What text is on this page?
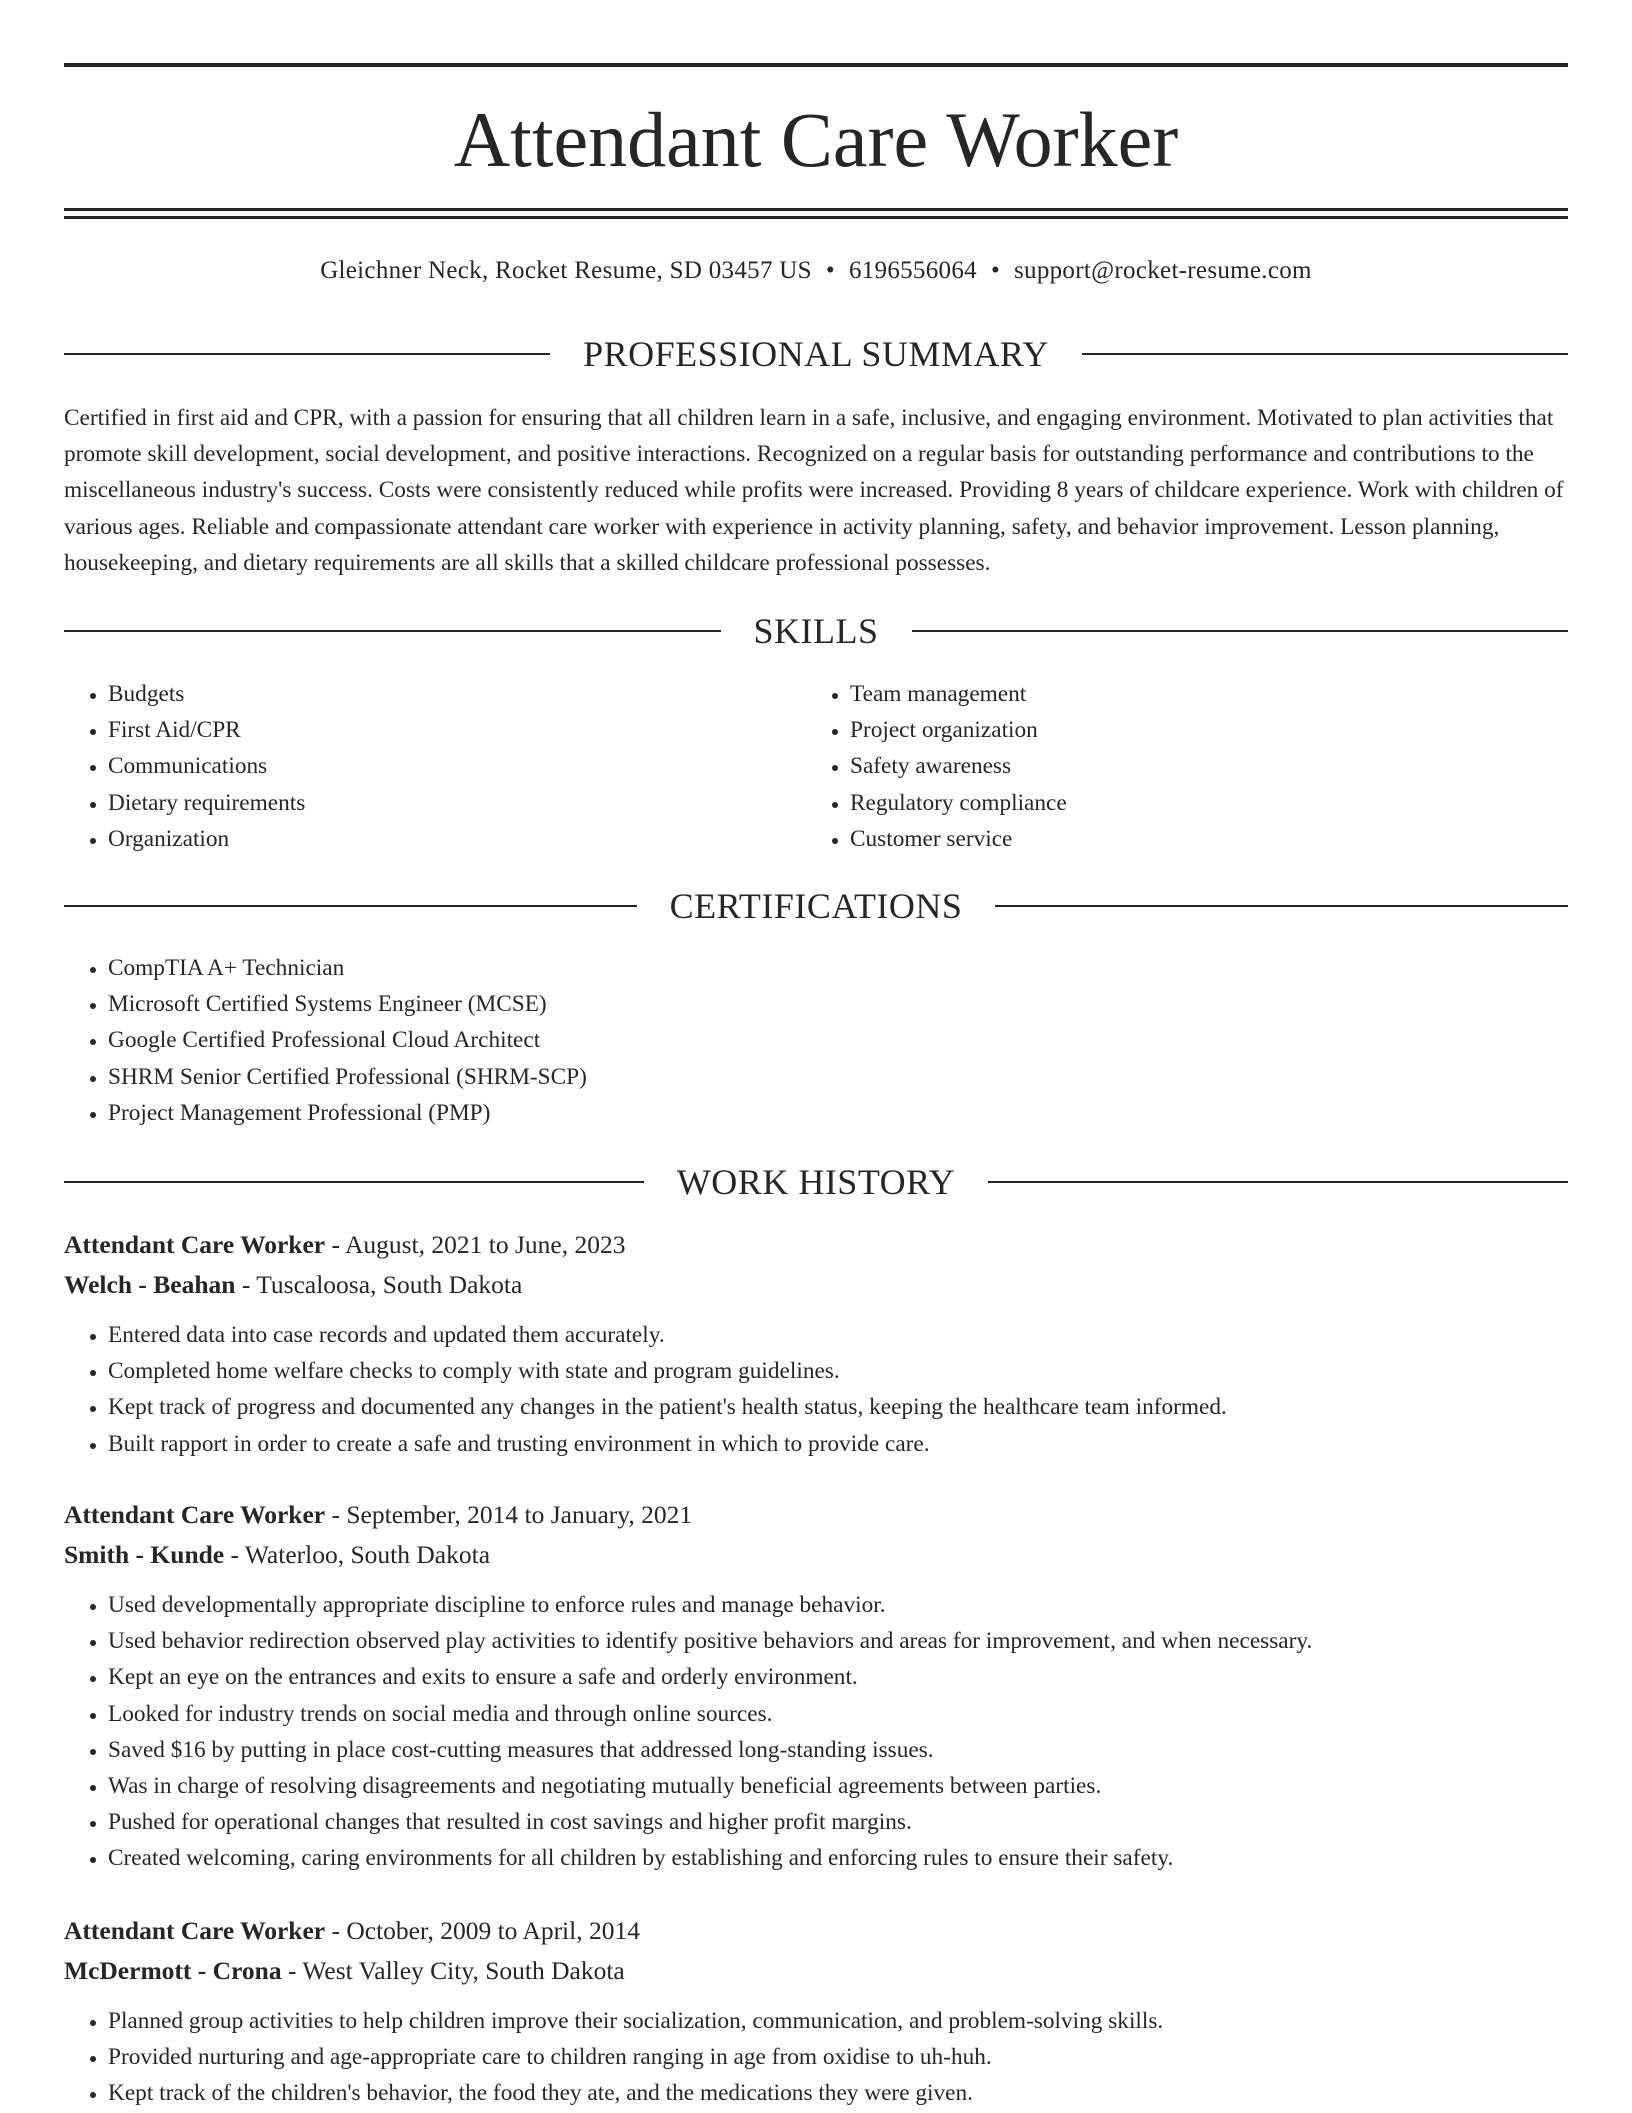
Attendant Care Worker
Gleichner Neck, Rocket Resume, SD 03457 US • 6196556064 • support@rocket-resume.com
PROFESSIONAL SUMMARY

Certified in first aid and CPR, with a passion for ensuring that all children learn in a safe, inclusive, and engaging environment. Motivated to plan activities that promote skill development, social development, and positive interactions. Recognized on a regular basis for outstanding performance and contributions to the miscellaneous industry's success. Costs were consistently reduced while profits were increased. Providing 8 years of childcare experience. Work with children of various ages. Reliable and compassionate attendant care worker with experience in activity planning, safety, and behavior improvement. Lesson planning, housekeeping, and dietary requirements are all skills that a skilled childcare professional possesses.

SKILLS
• Budgets
• First Aid/CPR
• Communications
• Dietary requirements
• Organization
• Team management
• Project organization
• Safety awareness
• Regulatory compliance
• Customer service
CERTIFICATIONS
• CompTIA A+ Technician
• Microsoft Certified Systems Engineer (MCSE)
• Google Certified Professional Cloud Architect
• SHRM Senior Certified Professional (SHRM-SCP)
• Project Management Professional (PMP)
WORK HISTORY
Attendant Care Worker - August, 2021 to June, 2023
Welch - Beahan - Tuscaloosa, South Dakota
• Entered data into case records and updated them accurately.
• Completed home welfare checks to comply with state and program guidelines.
• Kept track of progress and documented any changes in the patient's health status, keeping the healthcare team informed.
• Built rapport in order to create a safe and trusting environment in which to provide care.
Attendant Care Worker - September, 2014 to January, 2021
Smith - Kunde - Waterloo, South Dakota
• Used developmentally appropriate discipline to enforce rules and manage behavior.
• Used behavior redirection observed play activities to identify positive behaviors and areas for improvement, and when necessary.
• Kept an eye on the entrances and exits to ensure a safe and orderly environment.
• Looked for industry trends on social media and through online sources.
• Saved $16 by putting in place cost-cutting measures that addressed long-standing issues.
• Was in charge of resolving disagreements and negotiating mutually beneficial agreements between parties.
• Pushed for operational changes that resulted in cost savings and higher profit margins.
• Created welcoming, caring environments for all children by establishing and enforcing rules to ensure their safety.
Attendant Care Worker - October, 2009 to April, 2014
McDermott - Crona - West Valley City, South Dakota
• Planned group activities to help children improve their socialization, communication, and problem-solving skills.
• Provided nurturing and age-appropriate care to children ranging in age from oxidise to uh-huh.
• Kept track of the children's behavior, the food they ate, and the medications they were given.
